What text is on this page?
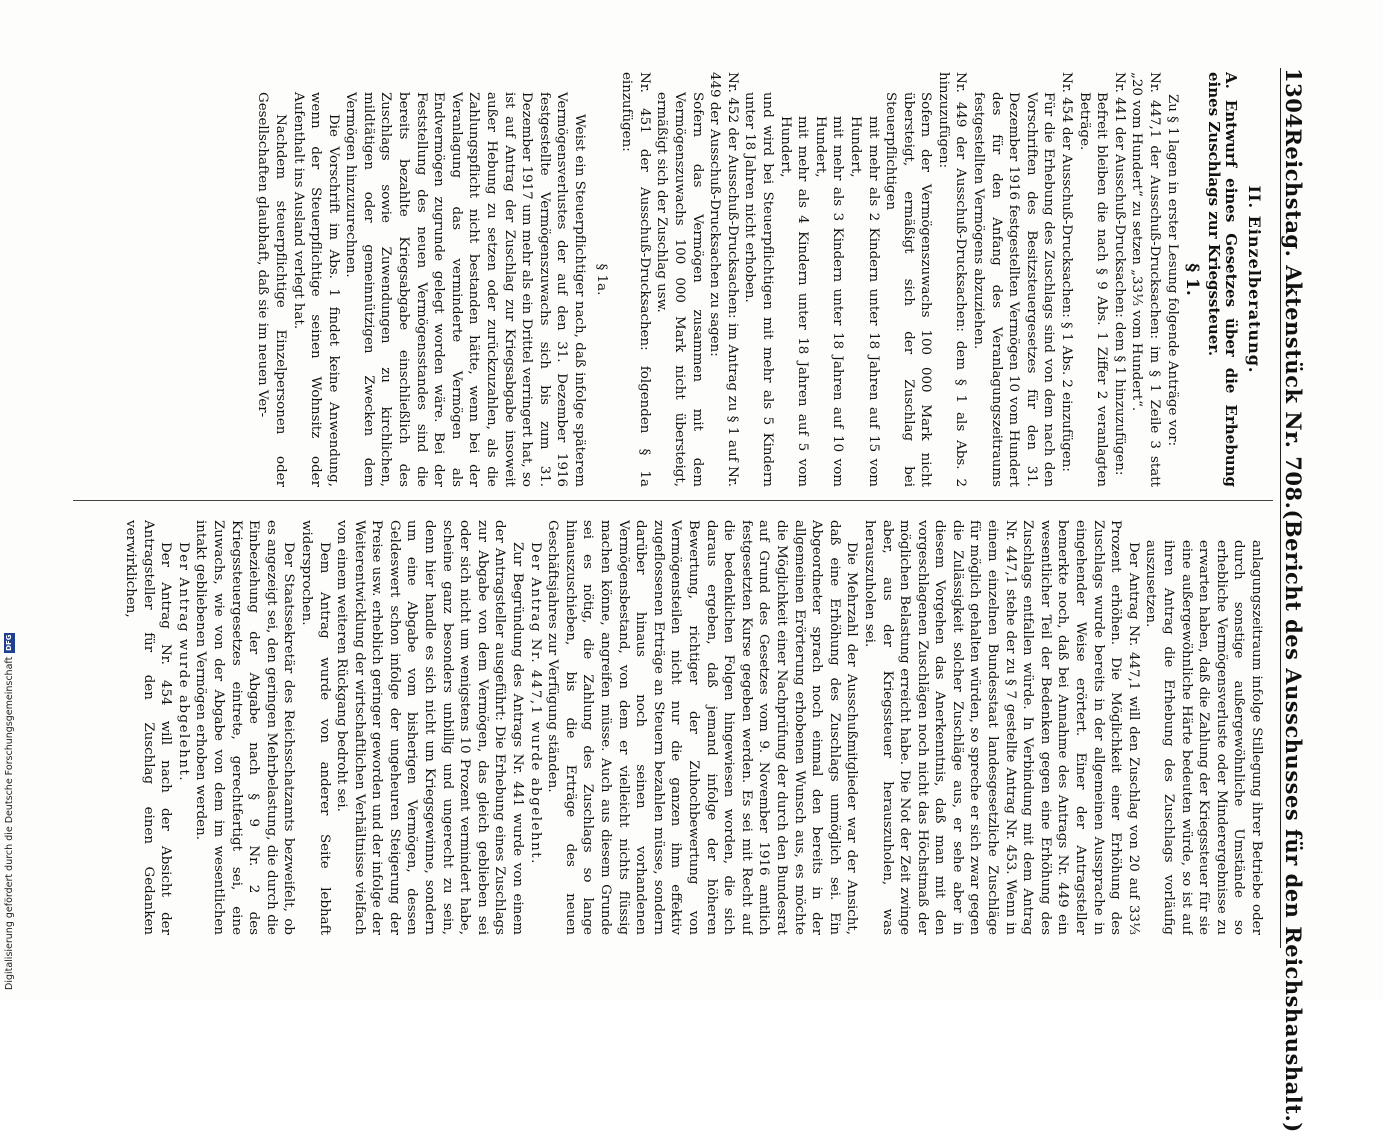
1304
Reichstag. Aktenstück Nr. 708.
(Bericht des Ausschusses für den Reichshaushalt.)

II. Einzelberatung.

A. Entwurf eines Gesetzes über die Erhebung eines Zuschlags zur Kriegssteuer.

§ 1.

Zu § 1 lagen in erster Lesung folgende Anträge vor:

Nr. 447,1 der Ausschuß-Drucksachen: im § 1 Zeile 3 statt „20 vom Hundert“ zu setzen „33⅓ vom Hundert“.

Nr. 441 der Ausschuß-Drucksachen: dem § 1 hinzuzufügen:

Befreit bleiben die nach § 9 Abs. 1 Ziffer 2 veranlagten Beträge.

Nr. 454 der Ausschuß-Drucksachen: § 1 Abs. 2 einzufügen:

Für die Erhebung des Zuschlags sind von dem nach den Vorschriften des Besitzsteuergesetzes für den 31. Dezember 1916 festgestellten Vermögen 10 vom Hundert des für den Anfang des Veranlagungszeitraums festgestellten Vermögens abzuziehen.

Nr. 449 der Ausschuß-Drucksachen: dem § 1 als Abs. 2 hinzuzufügen:

Sofern der Vermögenszuwachs 100 000 Mark nicht übersteigt, ermäßigt sich der Zuschlag bei Steuerpflichtigen

mit mehr als 2 Kindern unter 18 Jahren auf 15 vom Hundert,

mit mehr als 3 Kindern unter 18 Jahren auf 10 vom Hundert,

mit mehr als 4 Kindern unter 18 Jahren auf 5 vom Hundert,

und wird bei Steuerpflichtigen mit mehr als 5 Kindern unter 18 Jahren nicht erhoben.

Nr. 452 der Ausschuß-Drucksachen: im Antrag zu § 1 auf Nr. 449 der Ausschuß-Drucksachen zu sagen:

Sofern das Vermögen zusammen mit dem Vermögenszuwachs 100 000 Mark nicht übersteigt, ermäßigt sich der Zuschlag usw.

Nr. 451 der Ausschuß-Drucksachen: folgenden § 1a einzufügen:

§ 1a.

Weist ein Steuerpflichtiger nach, daß infolge späterem Vermögensverlustes der auf den 31. Dezember 1916 festgestellte Vermögenszuwachs sich bis zum 31. Dezember 1917 um mehr als ein Drittel verringert hat, so ist auf Antrag der Zuschlag zur Kriegsabgabe insoweit außer Hebung zu setzen oder zurückzuzahlen, als die Zahlungspflicht nicht bestanden hätte, wenn bei der Veranlagung das verminderte Vermögen als Endvermögen zugrunde gelegt worden wäre. Bei der Feststellung des neuen Vermögensstandes sind die bereits bezahlte Kriegsabgabe einschließlich des Zuschlags sowie Zuwendungen zu kirchlichen, mildtätigen oder gemeinnützigen Zwecken dem Vermögen hinzuzurechnen.

Die Vorschrift im Abs. 1 findet keine Anwendung, wenn der Steuerpflichtige seinen Wohnsitz oder Aufenthalt ins Ausland verlegt hat.

Nachdem steuerpflichtige Einzelpersonen oder Gesellschaften glaubhaft, daß sie im neuen Ver-

anlagungszeitraum infolge Stillegung ihrer Betriebe oder durch sonstige außergewöhnliche Umstände so erhebliche Vermögensverluste oder Minderergebnisse zu erwarten haben, daß die Zahlung der Kriegssteuer für sie eine außergewöhnliche Härte bedeuten würde, so ist auf ihren Antrag die Erhebung des Zuschlags vorläufig auszusetzen.

Der Antrag Nr. 447,1 will den Zuschlag von 20 auf 33⅓ Prozent erhöhen. Die Möglichkeit einer Erhöhung des Zuschlags wurde bereits in der allgemeinen Aussprache in eingehender Weise erörtert. Einer der Antragsteller bemerkte noch, daß bei Annahme des Antrags Nr. 449 ein wesentlicher Teil der Bedenken gegen eine Erhöhung des Zuschlags entfallen würde. In Verbindung mit dem Antrag Nr. 447,1 stehe der zu § 7 gestellte Antrag Nr. 453. Wenn in einem einzelnen Bundesstaat landesgesetzliche Zuschläge für möglich gehalten würden, so spreche er sich zwar gegen die Zulässigkeit solcher Zuschläge aus, er sehe aber in diesem Vorgehen das Anerkenntnis, daß man mit den vorgeschlagenen Zuschlägen noch nicht das Höchstmaß der möglichen Belastung erreicht habe. Die Not der Zeit zwinge aber, aus der Kriegssteuer herauszuholen, was herauszuholen sei.

Die Mehrzahl der Ausschußmitglieder war der Ansicht, daß eine Erhöhung des Zuschlags unmöglich sei. Ein Abgeordneter sprach noch einmal den bereits in der allgemeinen Erörterung erhobenen Wunsch aus, es möchte die Möglichkeit einer Nachprüfung der durch den Bundesrat auf Grund des Gesetzes vom 9. November 1916 amtlich festgesetzten Kurse gegeben werden. Es sei mit Recht auf die bedenklichen Folgen hingewiesen worden, die sich daraus ergeben, daß jemand infolge der höheren Bewertung, richtiger der Zuhochbewertung von Vermögensteilen nicht nur die ganzen ihm effektiv zugeflossenen Erträge an Steuern bezahlen müsse, sondern darüber hinaus noch seinen vorhandenen Vermögensbestand, von dem er vielleicht nichts flüssig machen könne, angreifen müsse. Auch aus diesem Grunde sei es nötig, die Zahlung des Zuschlags so lange hinauszuschieben, bis die Erträge des neuen Geschäftsjahres zur Verfügung ständen.

Der Antrag Nr. 447,1 wurde abgelehnt.

Zur Begründung des Antrags Nr. 441 wurde von einem der Antragsteller ausgeführt: Die Erhebung eines Zuschlags zur Abgabe von dem Vermögen, das gleich geblieben sei oder sich nicht um wenigstens 10 Prozent vermindert habe, scheine ganz besonders unbillig und ungerecht zu sein, denn hier handle es sich nicht um Kriegsgewinne, sondern um eine Abgabe vom bisherigen Vermögen, dessen Geldeswert schon infolge der ungeheuren Steigerung der Preise usw. erheblich geringer geworden und der infolge der Weiterentwicklung der wirtschaftlichen Verhältnisse vielfach von einem weiteren Rückgang bedroht sei.

Dem Antrag wurde von anderer Seite lebhaft widersprochen.

Der Staatssekretär des Reichsschatzamts bezweifelt, ob es angezeigt sei, den geringen Mehrbelastung, die durch die Einbeziehung der Abgabe nach § 9 Nr. 2 des Kriegssteuergesetzes eintrete, gerechtfertigt sei, eine Zuwachs, wie von der Abgabe von dem im wesentlichen intakt gebliebenen Vermögen erhoben werden.

Der Antrag wurde abgelehnt.

Der Antrag Nr. 454 will nach der Absicht der Antragsteller für den Zuschlag einen Gedanken verwirklichen,

Digitalisierung gefördert durch die Deutsche Forschungsgemeinschaft
DFG
